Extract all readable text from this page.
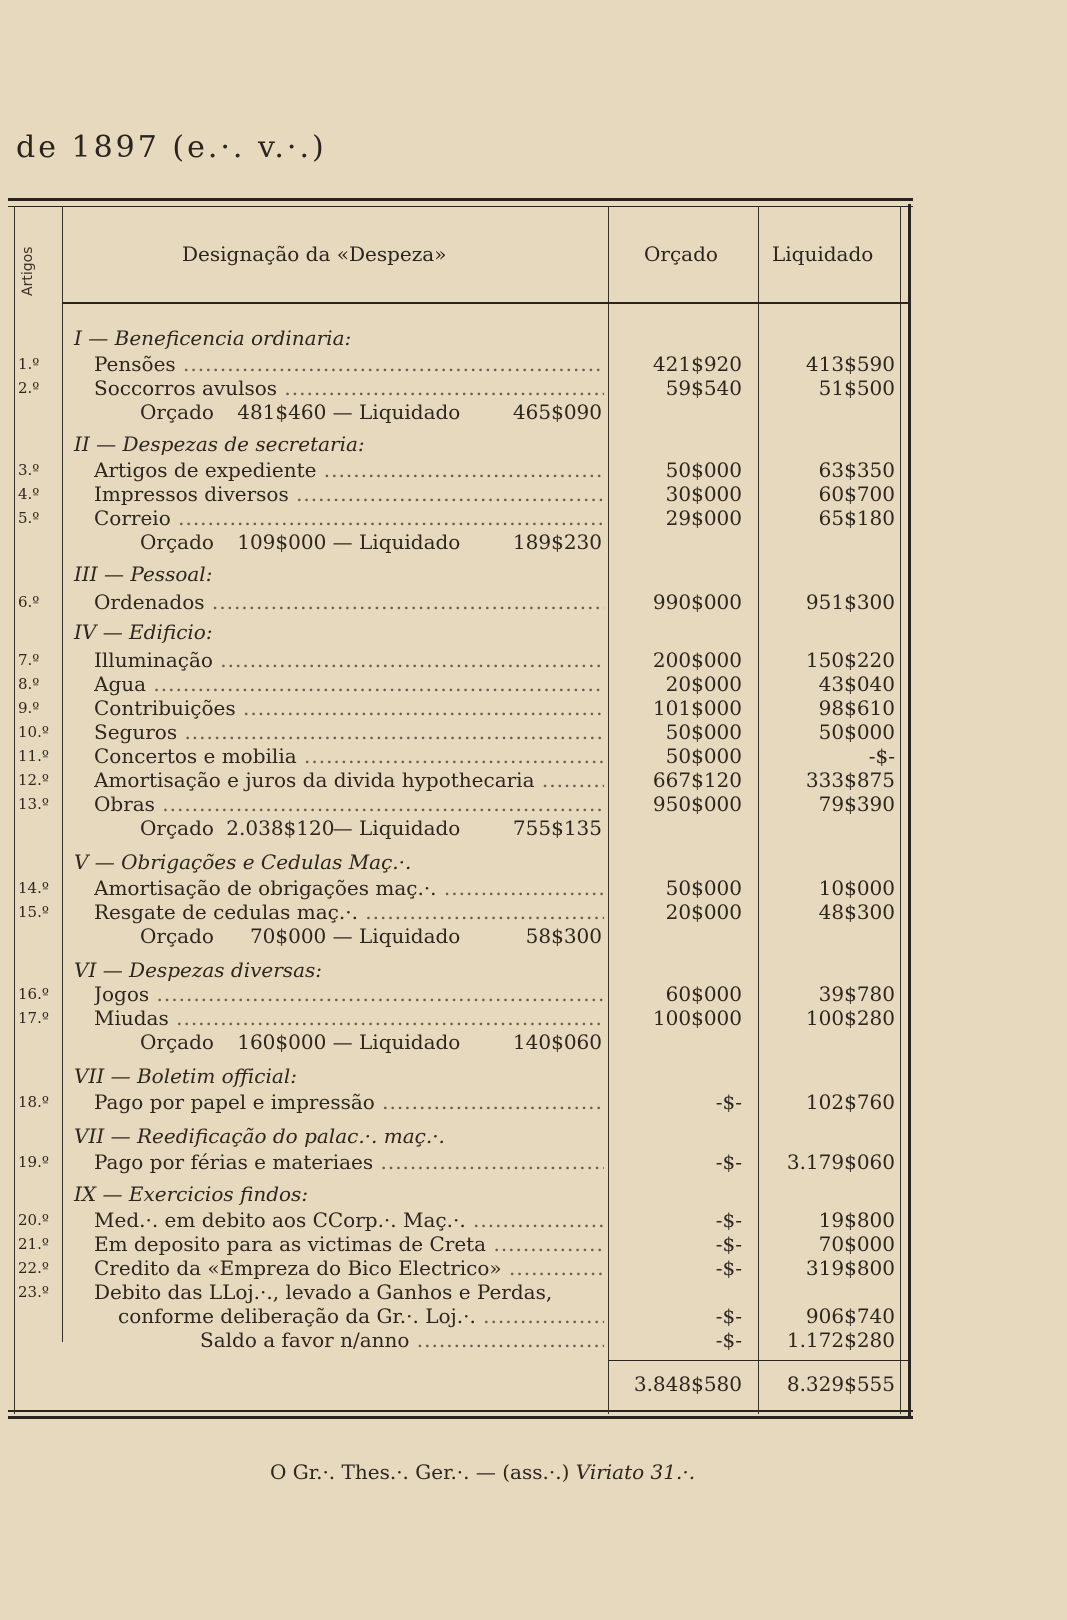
de 1897 (e.·. v.·.)
Artigos	Designação da «Despeza»	Orçado	Liquidado
I — Beneficencia ordinaria:
1.º	Pensões .....	421$920	413$590
2.º	Soccorros avulsos .....	59$540	51$500
Orçado 481$460 — Liquidado	465$090
II — Despezas de secretaria:
3.º	Artigos de expediente .....	50$000	63$350
4.º	Impressos diversos .....	30$000	60$700
5.º	Correio .....	29$000	65$180
Orçado 109$000 — Liquidado	189$230
III — Pessoal:
6.º	Ordenados .....	990$000	951$300
IV — Edificio:
7.º	Illuminação .....	200$000	150$220
8.º	Agua .....	20$000	43$040
9.º	Contribuições .....	101$000	98$610
10.º	Seguros .....	50$000	50$000
11.º	Concertos e mobilia .....	50$000	-$-
12.º	Amortisação e juros da divida hypothecaria .....	667$120	333$875
13.º	Obras .....	950$000	79$390
Orçado 2.038$120 — Liquidado	755$135
V — Obrigações e Cedulas Maç.·.
14.º	Amortisação de obrigações maç.·. .....	50$000	10$000
15.º	Resgate de cedulas maç.·. .....	20$000	48$300
Orçado 70$000 — Liquidado	58$300
VI — Despezas diversas:
16.º	Jogos .....	60$000	39$780
17.º	Miudas .....	100$000	100$280
Orçado 160$000 — Liquidado	140$060
VII — Boletim official:
18.º	Pago por papel e impressão .....	-$-	102$760
VII — Reedificação do palac.·. maç.·.
19.º	Pago por férias e materiaes .....	-$-	3.179$060
IX — Exercicios findos:
20.º	Med.·. em debito aos CCorp.·. Maç.·. .....	-$-	19$800
21.º	Em deposito para as victimas de Creta .....	-$-	70$000
22.º	Credito da «Empreza do Bico Electrico» .....	-$-	319$800
23.º	Debito das LLoj.·., levado a Ganhos e Perdas,
conforme deliberação da Gr.·. Loj.·. .....	-$-	906$740
Saldo a favor n/anno .....	-$-	1.172$280
3.848$580	8.329$555
O Gr.·. Thes.·. Ger.·. — (ass.·.) Viriato 31.·.
